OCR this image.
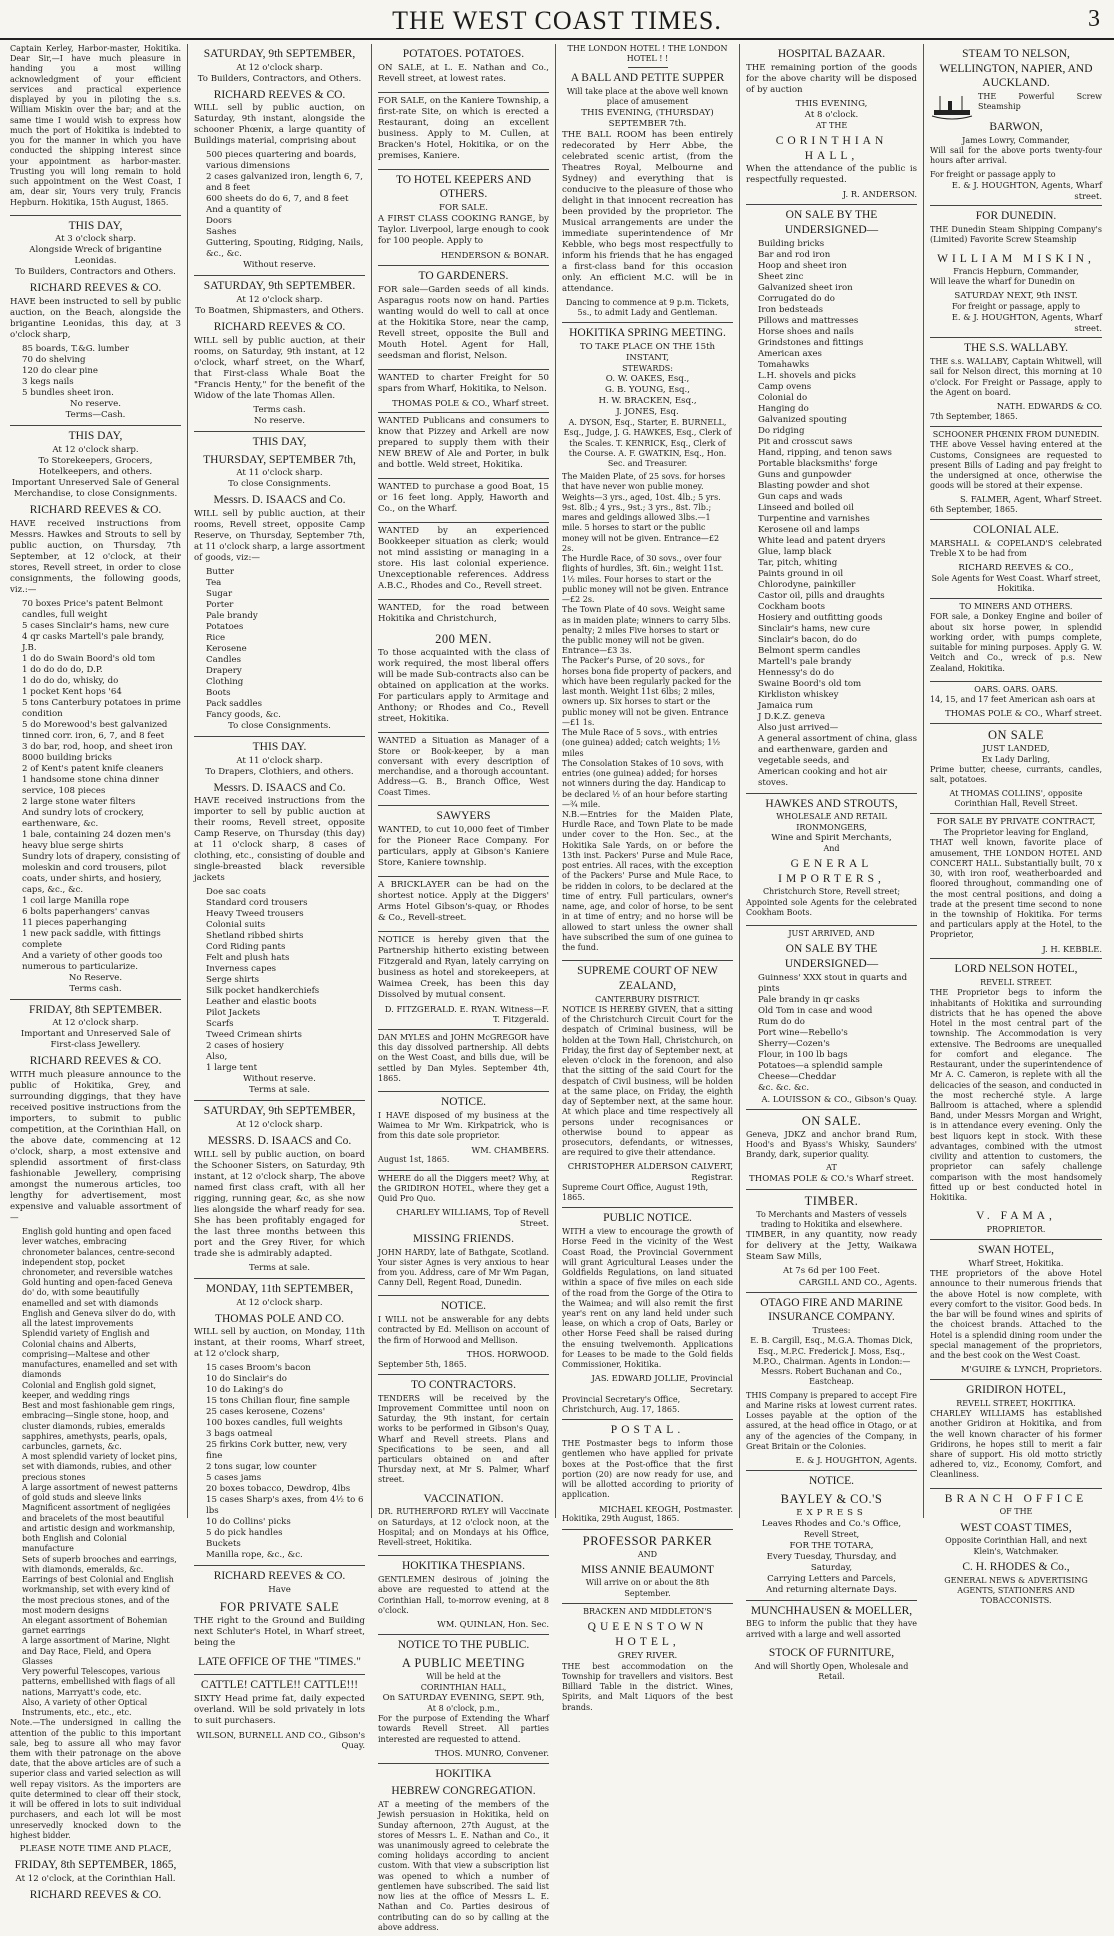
THE WEST COAST TIMES.	3
Captain Kerley, Harbor-master, Hokitika. Dear Sir,—I have much pleasure in handing you a most willing acknowledgment of your efficient services and practical experience displayed by you in piloting the s.s. William Miskin over the bar; and at the same time I would wish to express how much the port of Hokitika is indebted to you for the manner in which you have conducted the shipping interest since your appointment as harbor-master. Trusting you will long remain to hold such appointment on the West Coast, I am, dear sir, Yours very truly, Francis Hepburn. Hokitika, 15th August, 1865.
THIS DAY,
At 3 o'clock sharp.
Alongside Wreck of brigantine Leonidas.
To Builders, Contractors and Others.
RICHARD REEVES & CO.
HAVE been instructed to sell by public auction, on the Beach, alongside the brigantine Leonidas, this day, at 3 o'clock sharp,
85 boards, T.&G. lumber
70 do shelving
120 do clear pine
3 kegs nails
5 bundles sheet iron.
No reserve.
Terms—Cash.
THIS DAY,
At 12 o'clock sharp.
To Storekeepers, Grocers, Hotelkeepers, and others.
Important Unreserved Sale of General Merchandise, to close Consignments.
RICHARD REEVES & CO.
HAVE received instructions from Messrs. Hawkes and Strouts to sell by public auction, on Thursday, 7th September, at 12 o'clock, at their stores, Revell street, in order to close consignments, the following goods, viz.:—
70 boxes Price's patent Belmont candles, full weight
5 cases Sinclair's hams, new cure
4 qr casks Martell's pale brandy, J.B.
1 do do Swain Boord's old tom
1 do do do do, D.P.
1 do do do, whisky, do
1 pocket Kent hops '64
5 tons Canterbury potatoes in prime condition
5 do Morewood's best galvanized tinned corr. iron, 6, 7, and 8 feet
3 do bar, rod, hoop, and sheet iron
8000 building bricks
2 of Kent's patent knife cleaners
1 handsome stone china dinner service, 108 pieces
2 large stone water filters
And sundry lots of crockery, earthenware, &c.
1 bale, containing 24 dozen men's heavy blue serge shirts
Sundry lots of drapery, consisting of moleskin and cord trousers, pilot coats, under shirts, and hosiery, caps, &c., &c.
1 coil large Manilla rope
6 bolts paperhangers' canvas
11 pieces paperhanging
1 new pack saddle, with fittings complete
And a variety of other goods too numerous to particularize.
No Reserve.
Terms cash.
FRIDAY, 8th SEPTEMBER.
At 12 o'clock sharp.
Important and Unreserved Sale of First-class Jewellery.
RICHARD REEVES & CO.
WITH much pleasure announce to the public of Hokitika, Grey, and surrounding diggings, that they have received positive instructions from the importers, to submit to public competition, at the Corinthian Hall, on the above date, commencing at 12 o'clock, sharp, a most extensive and splendid assortment of first-class fashionable Jewellery, comprising amongst the numerous articles, too lengthy for advertisement, most expensive and valuable assortment of—
English gold hunting and open faced lever watches, embracing chronometer balances, centre-second independent stop, pocket chronometer, and reversible watches
Gold hunting and open-faced Geneva do' do, with some beautifully enamelled and set with diamonds
English and Geneva silver do do, with all the latest improvements
Splendid variety of English and Colonial chains and Alberts, comprising—Maltese and other manufactures, enamelled and set with diamonds
Colonial and English gold signet, keeper, and wedding rings
Best and most fashionable gem rings, embracing—Single stone, hoop, and cluster diamonds, rubies, emeralds sapphires, amethysts, pearls, opals, carbuncles, garnets, &c.
A most splendid variety of locket pins, set with diamonds, rubies, and other precious stones
A large assortment of newest patterns of gold studs and sleeve links
Magnificent assortment of negligées and bracelets of the most beautiful and artistic design and workmanship, both English and Colonial manufacture
Sets of superb brooches and earrings, with diamonds, emeralds, &c.
Earrings of best Colonial and English workmanship, set with every kind of the most precious stones, and of the most modern designs
An elegant assortment of Bohemian garnet earrings
A large assortment of Marine, Night and Day Race, Field, and Opera Glasses
Very powerful Telescopes, various patterns, embellished with flags of all nations, Marryatt's code, etc.
Also, A variety of other Optical Instruments, etc., etc., etc.
Note.—The undersigned in calling the attention of the public to this important sale, beg to assure all who may favor them with their patronage on the above date, that the above articles are of such a superior class and varied selection as will well repay visitors. As the importers are quite determined to clear off their stock, it will be offered in lots to suit individual purchasers, and each lot will be most unreservedly knocked down to the highest bidder.
PLEASE NOTE TIME AND PLACE,
FRIDAY, 8th SEPTEMBER, 1865,
At 12 o'clock, at the Corinthian Hall.
RICHARD REEVES & CO.
SATURDAY, 9th SEPTEMBER,
At 12 o'clock sharp.
To Builders, Contractors, and Others.
RICHARD REEVES & CO.
WILL sell by public auction, on Saturday, 9th instant, alongside the schooner Phœnix, a large quantity of Buildings material, comprising about
500 pieces quartering and boards, various dimensions
2 cases galvanized iron, length 6, 7, and 8 feet
600 sheets do do 6, 7, and 8 feet
And a quantity of
Doors
Sashes
Guttering, Spouting, Ridging, Nails, &c., &c.
Without reserve.
SATURDAY, 9th SEPTEMBER.
At 12 o'clock sharp.
To Boatmen, Shipmasters, and Others.
RICHARD REEVES & CO.
WILL sell by public auction, at their rooms, on Saturday, 9th instant, at 12 o'clock, wharf street, on the Wharf, that First-class Whale Boat the "Francis Henty," for the benefit of the Widow of the late Thomas Allen.
Terms cash.
No reserve.
THIS DAY,
THURSDAY, SEPTEMBER 7th,
At 11 o'clock sharp.
To close Consignments.
Messrs. D. ISAACS and Co.
WILL sell by public auction, at their rooms, Revell street, opposite Camp Reserve, on Thursday, September 7th, at 11 o'clock sharp, a large assortment of goods, viz:—
Butter
Tea
Sugar
Porter
Pale brandy
Potatoes
Rice
Kerosene
Candles
Drapery
Clothing
Boots
Pack saddles
Fancy goods, &c.
To close Consignments.
THIS DAY.
At 11 o'clock sharp.
To Drapers, Clothiers, and others.
Messrs. D. ISAACS and Co.
HAVE received instructions from the importer to sell by public auction at their rooms, Revell street, opposite Camp Reserve, on Thursday (this day) at 11 o'clock sharp, 8 cases of clothing, etc., consisting of double and single-breasted black reversible jackets
Doe sac coats
Standard cord trousers
Heavy Tweed trousers
Colonial suits
Shetland ribbed shirts
Cord Riding pants
Felt and plush hats
Inverness capes
Serge shirts
Silk pocket handkerchiefs
Leather and elastic boots
Pilot Jackets
Scarfs
Tweed Crimean shirts
2 cases of hosiery
Also,
1 large tent
Without reserve.
Terms at sale.
SATURDAY, 9th SEPTEMBER,
At 12 o'clock sharp.
MESSRS. D. ISAACS and Co.
WILL sell by public auction, on board the Schooner Sisters, on Saturday, 9th instant, at 12 o'clock sharp, The above named first class craft, with all her rigging, running gear, &c, as she now lies alongside the wharf ready for sea. She has been profitably engaged for the last three months between this port and the Grey River, for which trade she is admirably adapted.
Terms at sale.
MONDAY, 11th SEPTEMBER,
At 12 o'clock sharp.
THOMAS POLE AND CO.
WILL sell by auction, on Monday, 11th instant, at their rooms, Wharf street, at 12 o'clock sharp,
15 cases Broom's bacon
10 do Sinclair's do
10 do Laking's do
15 tons Chilian flour, fine sample
25 cases kerosene, Cozens'
100 boxes candles, full weights
3 bags oatmeal
25 firkins Cork butter, new, very fine
2 tons sugar, low counter
5 cases jams
20 boxes tobacco, Dewdrop, 4lbs
15 cases Sharp's axes, from 4½ to 6 lbs
10 do Collins' picks
5 do pick handles
Buckets
Manilla rope, &c., &c.
RICHARD REEVES & CO.
Have
FOR PRIVATE SALE
THE right to the Ground and Building next Schluter's Hotel, in Wharf street, being the
LATE OFFICE OF THE "TIMES."
CATTLE! CATTLE!! CATTLE!!!
SIXTY Head prime fat, daily expected overland. Will be sold privately in lots to suit purchasers.
WILSON, BURNELL AND CO., Gibson's Quay.
POTATOES. POTATOES.
ON SALE, at L. E. Nathan and Co., Revell street, at lowest rates.
FOR SALE, on the Kaniere Township, a first-rate Site, on which is erected a Restaurant, doing an excellent business. Apply to M. Cullen, at Bracken's Hotel, Hokitika, or on the premises, Kaniere.
TO HOTEL KEEPERS AND OTHERS.
FOR SALE.
A FIRST CLASS COOKING RANGE, by Taylor. Liverpool, large enough to cook for 100 people. Apply to
HENDERSON & BONAR.
TO GARDENERS.
FOR sale—Garden seeds of all kinds. Asparagus roots now on hand. Parties wanting would do well to call at once at the Hokitika Store, near the camp, Revell street, opposite the Bull and Mouth Hotel. Agent for Hall, seedsman and florist, Nelson.
WANTED to charter Freight for 50 spars from Wharf, Hokitika, to Nelson.
THOMAS POLE & CO., Wharf street.
WANTED Publicans and consumers to know that Pizzey and Arkell are now prepared to supply them with their NEW BREW of Ale and Porter, in bulk and bottle. Weld street, Hokitika.
WANTED to purchase a good Boat, 15 or 16 feet long. Apply, Haworth and Co., on the Wharf.
WANTED by an experienced Bookkeeper situation as clerk; would not mind assisting or managing in a store. His last colonial experience. Unexceptionable references. Address A.B.C., Rhodes and Co., Revell street.
WANTED, for the road between Hokitika and Christchurch,
200 MEN.
To those acquainted with the class of work required, the most liberal offers will be made Sub-contracts also can be obtained on application at the works. For particulars apply to Armitage and Anthony; or Rhodes and Co., Revell street, Hokitika.
WANTED a Situation as Manager of a Store or Book-keeper, by a man conversant with every description of merchandise, and a thorough accountant. Address—G. B., Branch Office, West Coast Times.
SAWYERS
WANTED, to cut 10,000 feet of Timber for the Pioneer Race Company. For particulars, apply at Gibson's Kaniere Store, Kaniere township.
A BRICKLAYER can be had on the shortest notice. Apply at the Diggers' Arms Hotel Gibson's-quay, or Rhodes & Co., Revell-street.
NOTICE is hereby given that the Partnership hitherto existing between Fitzgerald and Ryan, lately carrying on business as hotel and storekeepers, at Waimea Creek, has been this day Dissolved by mutual consent.
D. FITZGERALD. E. RYAN. Witness—F. T. Fitzgerald.
DAN MYLES and JOHN McGREGOR have this day dissolved partnership. All debts on the West Coast, and bills due, will be settled by Dan Myles. September 4th, 1865.
NOTICE.
I HAVE disposed of my business at the Waimea to Mr Wm. Kirkpatrick, who is from this date sole proprietor.
WM. CHAMBERS.
August 1st, 1865.
WHERE do all the Diggers meet? Why, at the GRIDIRON HOTEL, where they get a Quid Pro Quo.
CHARLEY WILLIAMS, Top of Revell Street.
MISSING FRIENDS.
JOHN HARDY, late of Bathgate, Scotland. Your sister Agnes is very anxious to hear from you. Address, care of Mr Wm Pagan, Canny Dell, Regent Road, Dunedin.
NOTICE.
I WILL not be answerable for any debts contracted by Ed. Mellison on account of the firm of Horwood and Mellison.
THOS. HORWOOD.
September 5th, 1865.
TO CONTRACTORS.
TENDERS will be received by the Improvement Committee until noon on Saturday, the 9th instant, for certain works to be performed in Gibson's Quay, Wharf and Revell streets. Plans and Specifications to be seen, and all particulars obtained on and after Thursday next, at Mr S. Palmer, Wharf street.
VACCINATION.
DR. RUTHERFORD RYLEY will Vaccinate on Saturdays, at 12 o'clock noon, at the Hospital; and on Mondays at his Office, Revell-street, Hokitika.
HOKITIKA THESPIANS.
GENTLEMEN desirous of joining the above are requested to attend at the Corinthian Hall, to-morrow evening, at 8 o'clock.
WM. QUINLAN, Hon. Sec.
NOTICE TO THE PUBLIC.
A PUBLIC MEETING
Will be held at the
CORINTHIAN HALL,
On SATURDAY EVENING, SEPT. 9th,
At 8 o'clock, p.m.,
For the purpose of Extending the Wharf towards Revell Street. All parties interested are requested to attend.
THOS. MUNRO, Convener.
HOKITIKA
HEBREW CONGREGATION.
AT a meeting of the members of the Jewish persuasion in Hokitika, held on Sunday afternoon, 27th August, at the stores of Messrs L. E. Nathan and Co., it was unanimously agreed to celebrate the coming holidays according to ancient custom. With that view a subscription list was opened to which a number of gentlemen have subscribed. The said list now lies at the office of Messrs L. E. Nathan and Co. Parties desirous of contributing can do so by calling at the above address.
THE LONDON HOTEL ! THE LONDON HOTEL ! !
A BALL AND PETITE SUPPER
Will take place at the above well known place of amusement
THIS EVENING, (THURSDAY) SEPTEMBER 7th.
THE BALL ROOM has been entirely redecorated by Herr Abbe, the celebrated scenic artist, (from the Theatres Royal, Melbourne and Sydney) and everything that is conducive to the pleasure of those who delight in that innocent recreation has been provided by the proprietor. The Musical arrangements are under the immediate superintendence of Mr Kebble, who begs most respectfully to inform his friends that he has engaged a first-class band for this occasion only. An efficient M.C. will be in attendance.
Dancing to commence at 9 p.m. Tickets, 5s., to admit Lady and Gentleman.
HOKITIKA SPRING MEETING.
TO TAKE PLACE ON THE 15th INSTANT,
STEWARDS:
O. W. OAKES, Esq.,
G. B. YOUNG, Esq.,
H. W. BRACKEN, Esq.,
J. JONES, Esq.
A. DYSON, Esq., Starter, E. BURNELL, Esq., Judge, J. G. HAWKES, Esq., Clerk of the Scales. T. KENRICK, Esq., Clerk of the Course. A. F. GWATKIN, Esq., Hon. Sec. and Treasurer.
The Maiden Plate, of 25 sovs. for horses that have never won publie money. Weights—3 yrs., aged, 10st. 4lb.; 5 yrs. 9st. 8lb.; 4 yrs., 9st.; 3 yrs., 8st. 7lb.; mares and geldings allowed 3lbs.—1 mile. 5 horses to start or the public money will not be given. Entrance—£2 2s.
The Hurdle Race, of 30 sovs., over four flights of hurdles, 3ft. 6in.; weight 11st. 1½ miles. Four horses to start or the public money will not be given. Entrance—£2 2s.
The Town Plate of 40 sovs. Weight same as in maiden plate; winners to carry 5lbs. penalty; 2 miles Five horses to start or the public money will not be given. Entrance—£3 3s.
The Packer's Purse, of 20 sovs., for horses bona fide property of packers, and which have been regularly packed for the last month. Weight 11st 6lbs; 2 miles, owners up. Six horses to start or the public money will not be given. Entrance—£1 1s.
The Mule Race of 5 sovs., with entries (one guinea) added; catch weights; 1½ miles
The Consolation Stakes of 10 sovs, with entries (one guinea) added; for horses not winners during the day. Handicap to be declared ½ of an hour before starting—¾ mile.
N.B.—Entries for the Maiden Plate, Hurdle Race, and Town Plate to be made under cover to the Hon. Sec., at the Hokitika Sale Yards, on or before the 13th inst. Packers' Purse and Mule Race, post entries. All races, with the exception of the Packers' Purse and Mule Race, to be ridden in colors, to be declared at the time of entry. Full particulars, owner's name, age, and color of horse, to be sent in at time of entry; and no horse will be allowed to start unless the owner shall have subscribed the sum of one guinea to the fund.
SUPREME COURT OF NEW ZEALAND,
CANTERBURY DISTRICT.
NOTICE IS HEREBY GIVEN, that a sitting of the Christchurch Circuit Court for the despatch of Criminal business, will be holden at the Town Hall, Christchurch, on Friday, the first day of September next, at eleven o'clock in the forenoon, and also that the sitting of the said Court for the despatch of Civil business, will be holden at the same place, on Friday, the eighth day of September next, at the same hour. At which place and time respectively all persons under recognisances or otherwise bound to appear as prosecutors, defendants, or witnesses, are required to give their attendance.
CHRISTOPHER ALDERSON CALVERT, Registrar.
Supreme Court Office, August 19th, 1865.
PUBLIC NOTICE.
WITH a view to encourage the growth of Horse Feed in the vicinity of the West Coast Road, the Provincial Government will grant Agricultural Leases under the Goldfields Regulations, on land situated within a space of five miles on each side of the road from the Gorge of the Otira to the Waimea; and will also remit the first year's rent on any land held under such lease, on which a crop of Oats, Barley or other Horse Feed shall be raised during the ensuing twelvemonth. Applications for Leases to be made to the Gold fields Commissioner, Hokitika.
JAS. EDWARD JOLLIE, Provincial Secretary.
Provincial Secretary's Office, Christchurch, Aug. 17, 1865.
POSTAL.
THE Postmaster begs to inform those gentlemen who have applied for private boxes at the Post-office that the first portion (20) are now ready for use, and will be allotted according to priority of application.
MICHAEL KEOGH, Postmaster.
Hokitika, 29th August, 1865.
PROFESSOR PARKER
AND
MISS ANNIE BEAUMONT
Will arrive on or about the 8th September.
BRACKEN AND MIDDLETON'S
QUEENSTOWN HOTEL,
GREY RIVER.
THE best accommodation on the Township for travellers and visitors. Best Billiard Table in the district. Wines, Spirits, and Malt Liquors of the best brands.
HOSPITAL BAZAAR.
THE remaining portion of the goods for the above charity will be disposed of by auction
THIS EVENING,
At 8 o'clock.
AT THE
CORINTHIAN HALL,
When the attendance of the public is respectfully requested.
J. R. ANDERSON.
ON SALE BY THE UNDERSIGNED—
Building bricks
Bar and rod iron
Hoop and sheet iron
Sheet zinc
Galvanized sheet iron
Corrugated do do
Iron bedsteads
Pillows and mattresses
Horse shoes and nails
Grindstones and fittings
American axes
Tomahawks
L.H. shovels and picks
Camp ovens
Colonial do
Hanging do
Galvanized spouting
Do ridging
Pit and crosscut saws
Hand, ripping, and tenon saws
Portable blacksmiths' forge
Guns and gunpowder
Blasting powder and shot
Gun caps and wads
Linseed and boiled oil
Turpentine and varnishes
Kerosene oil and lamps
White lead and patent dryers
Glue, lamp black
Tar, pitch, whiting
Paints ground in oil
Chlorodyne, painkiller
Castor oil, pills and draughts
Cockham boots
Hosiery and outfitting goods
Sinclair's hams, new cure
Sinclair's bacon, do do
Belmont sperm candles
Martell's pale brandy
Hennessy's do do
Swaine Boord's old tom
Kirkliston whiskey
Jamaica rum
J D.K.Z. geneva
Also just arrived—
A general assortment of china, glass and earthenware, garden and vegetable seeds, and
American cooking and hot air stoves.
HAWKES AND STROUTS,
WHOLESALE AND RETAIL IRONMONGERS,
Wine and Spirit Merchants,
And
GENERAL IMPORTERS,
Christchurch Store, Revell street;
Appointed sole Agents for the celebrated Cookham Boots.
JUST ARRIVED, AND
ON SALE BY THE UNDERSIGNED—
Guinness' XXX stout in quarts and pints
Pale brandy in qr casks
Old Tom in case and wood
Rum do do
Port wine—Rebello's
Sherry—Cozen's
Flour, in 100 lb bags
Potatoes—a splendid sample
Cheese—Cheddar
&c. &c. &c.
A. LOUISSON & CO., Gibson's Quay.
ON SALE.
Geneva, JDKZ and anchor brand Rum, Hood's and Byass's Whisky, Saunders' Brandy, dark, superior quality.
AT
THOMAS POLE & CO.'s Wharf street.
TIMBER.
To Merchants and Masters of vessels trading to Hokitika and elsewhere.
TIMBER, in any quantity, now ready for delivery at the Jetty, Waikawa Steam Saw Mills,
At 7s 6d per 100 Feet.
CARGILL AND CO., Agents.
OTAGO FIRE AND MARINE INSURANCE COMPANY.
Trustees:
E. B. Cargill, Esq., M.G.A. Thomas Dick, Esq., M.P.C. Frederick J. Moss, Esq., M.P.O., Chairman. Agents in London:— Messrs. Robert Buchanan and Co., Eastcheap.
THIS Company is prepared to accept Fire and Marine risks at lowest current rates. Losses payable at the option of the assured, at the head office in Otago, or at any of the agencies of the Company, in Great Britain or the Colonies.
E. & J. HOUGHTON, Agents.
NOTICE.
BAYLEY & CO.'S
EXPRESS
Leaves Rhodes and Co.'s Office,
Revell Street,
FOR THE TOTARA,
Every Tuesday, Thursday, and Saturday,
Carrying Letters and Parcels,
And returning alternate Days.
MUNCHHAUSEN & MOELLER,
BEG to inform the public that they have arrived with a large and well assorted
STOCK OF FURNITURE,
And will Shortly Open, Wholesale and Retail.
STEAM TO NELSON, WELLINGTON, NAPIER, AND AUCKLAND.
THE Powerful Screw Steamship
BARWON,
James Lowry, Commander,
Will sail for the above ports twenty-four hours after arrival.
For freight or passage apply to
E. & J. HOUGHTON, Agents, Wharf street.
FOR DUNEDIN.
THE Dunedin Steam Shipping Company's (Limited) Favorite Screw Steamship
WILLIAM MISKIN,
Francis Hepburn, Commander,
Will leave the wharf for Dunedin on
SATURDAY NEXT, 9th INST.
For freight or passage, apply to
E. & J. HOUGHTON, Agents, Wharf street.
THE S.S. WALLABY.
THE s.s. WALLABY, Captain Whitwell, will sail for Nelson direct, this morning at 10 o'clock. For Freight or Passage, apply to the Agent on board.
NATH. EDWARDS & CO.
7th September, 1865.
SCHOONER PHŒNIX FROM DUNEDIN.
THE above Vessel having entered at the Customs, Consignees are requested to present Bills of Lading and pay freight to the undersigned at once, otherwise the goods will be stored at their expense.
S. FALMER, Agent, Wharf Street.
6th September, 1865.
COLONIAL ALE.
MARSHALL & COPELAND'S celebrated Treble X to be had from
RICHARD REEVES & CO.,
Sole Agents for West Coast. Wharf street, Hokitika.
TO MINERS AND OTHERS.
FOR sale, a Donkey Engine and boiler of about six horse power, in splendid working order, with pumps complete, suitable for mining purposes. Apply G. W. Veitch and Co., wreck of p.s. New Zealand, Hokitika.
OARS. OARS. OARS.
14, 15, and 17 feet American ash oars at
THOMAS POLE & CO., Wharf street.
ON SALE
JUST LANDED,
Ex Lady Darling,
Prime butter, cheese, currants, candles, salt, potatoes.
At THOMAS COLLINS', opposite Corinthian Hall, Revell Street.
FOR SALE BY PRIVATE CONTRACT,
The Proprietor leaving for England,
THAT well known, favorite place of amusement, THE LONDON HOTEL AND CONCERT HALL. Substantially built, 70 x 30, with iron roof, weatherboarded and floored throughout, commanding one of the most central positions, and doing a trade at the present time second to none in the township of Hokitika. For terms and particulars apply at the Hotel, to the Proprietor,
J. H. KEBBLE.
LORD NELSON HOTEL,
REVELL STREET.
THE Proprietor begs to inform the inhabitants of Hokitika and surrounding districts that he has opened the above Hotel in the most central part of the township. The Accommodation is very extensive. The Bedrooms are unequalled for comfort and elegance. The Restaurant, under the superintendence of Mr A. C. Cameron, is replete with all the delicacies of the season, and conducted in the most recherché style. A large Ballroom is attached, where a splendid Band, under Messrs Morgan and Wright, is in attendance every evening. Only the best liquors kept in stock. With these advantages, combined with the utmost civility and attention to customers, the proprietor can safely challenge comparison with the most handsomely fitted up or best conducted hotel in Hokitika.
V. FAMA,
PROPRIETOR.
SWAN HOTEL,
Wharf Street, Hokitika.
THE proprietors of the above Hotel announce to their numerous friends that the above Hotel is now complete, with every comfort to the visitor. Good beds. In the bar will be found wines and spirits of the choicest brands. Attached to the Hotel is a splendid dining room under the special management of the proprietors, and the best cook on the West Coast.
M'GUIRE & LYNCH, Proprietors.
GRIDIRON HOTEL,
REVELL STREET, HOKITIKA.
CHARLEY WILLIAMS has established another Gridiron at Hokitika, and from the well known character of his former Gridirons, he hopes still to merit a fair share of support. His old motto strictly adhered to, viz., Economy, Comfort, and Cleanliness.
BRANCH OFFICE
OF THE
WEST COAST TIMES,
Opposite Corinthian Hall, and next Klein's, Watchmaker.
C. H. RHODES & Co.,
GENERAL NEWS & ADVERTISING AGENTS, STATIONERS AND TOBACCONISTS.
